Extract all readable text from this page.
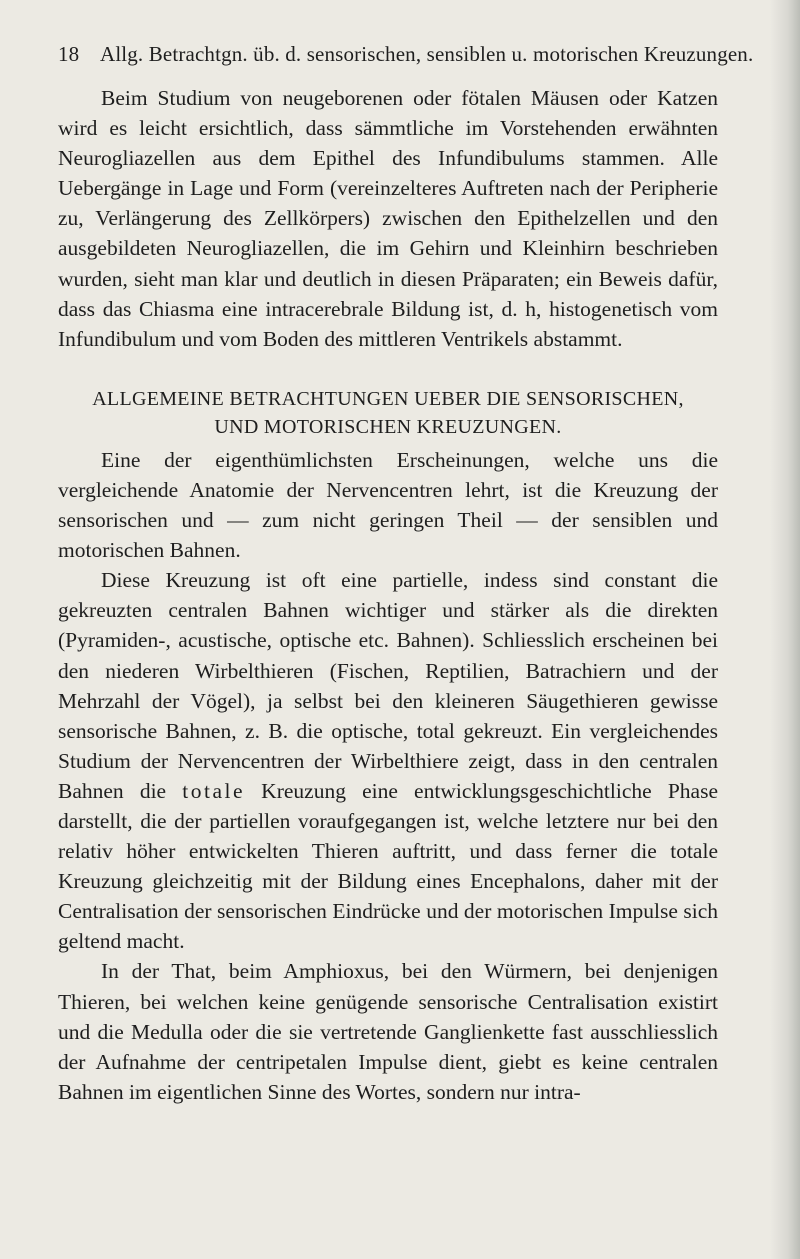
18 Allg. Betrachtgn. üb. d. sensorischen, sensiblen u. motorischen Kreuzungen.

Beim Studium von neugeborenen oder fötalen Mäusen oder Katzen wird es leicht ersichtlich, dass sämmtliche im Vorstehenden erwähnten Neurogliazellen aus dem Epithel des Infundibulums stammen. Alle Uebergänge in Lage und Form (vereinzelteres Auftreten nach der Peripherie zu, Verlängerung des Zellkörpers) zwischen den Epithelzellen und den ausgebildeten Neurogliazellen, die im Gehirn und Kleinhirn beschrieben wurden, sieht man klar und deutlich in diesen Präparaten; ein Beweis dafür, dass das Chiasma eine intracerebrale Bildung ist, d. h, histogenetisch vom Infundibulum und vom Boden des mittleren Ventrikels abstammt.

ALLGEMEINE BETRACHTUNGEN UEBER DIE SENSORISCHEN,
UND MOTORISCHEN KREUZUNGEN.

Eine der eigenthümlichsten Erscheinungen, welche uns die vergleichende Anatomie der Nervencentren lehrt, ist die Kreuzung der sensorischen und — zum nicht geringen Theil — der sensiblen und motorischen Bahnen.

Diese Kreuzung ist oft eine partielle, indess sind constant die gekreuzten centralen Bahnen wichtiger und stärker als die direkten (Pyramiden-, acustische, optische etc. Bahnen). Schliesslich erscheinen bei den niederen Wirbelthieren (Fischen, Reptilien, Batrachiern und der Mehrzahl der Vögel), ja selbst bei den kleineren Säugethieren gewisse sensorische Bahnen, z. B. die optische, total gekreuzt. Ein vergleichendes Studium der Nervencentren der Wirbelthiere zeigt, dass in den centralen Bahnen die totale Kreuzung eine entwicklungsgeschichtliche Phase darstellt, die der partiellen voraufgegangen ist, welche letztere nur bei den relativ höher entwickelten Thieren auftritt, und dass ferner die totale Kreuzung gleichzeitig mit der Bildung eines Encephalons, daher mit der Centralisation der sensorischen Eindrücke und der motorischen Impulse sich geltend macht.

In der That, beim Amphioxus, bei den Würmern, bei denjenigen Thieren, bei welchen keine genügende sensorische Centralisation existirt und die Medulla oder die sie vertretende Ganglienkette fast ausschliesslich der Aufnahme der centripetalen Impulse dient, giebt es keine centralen Bahnen im eigentlichen Sinne des Wortes, sondern nur intra-
